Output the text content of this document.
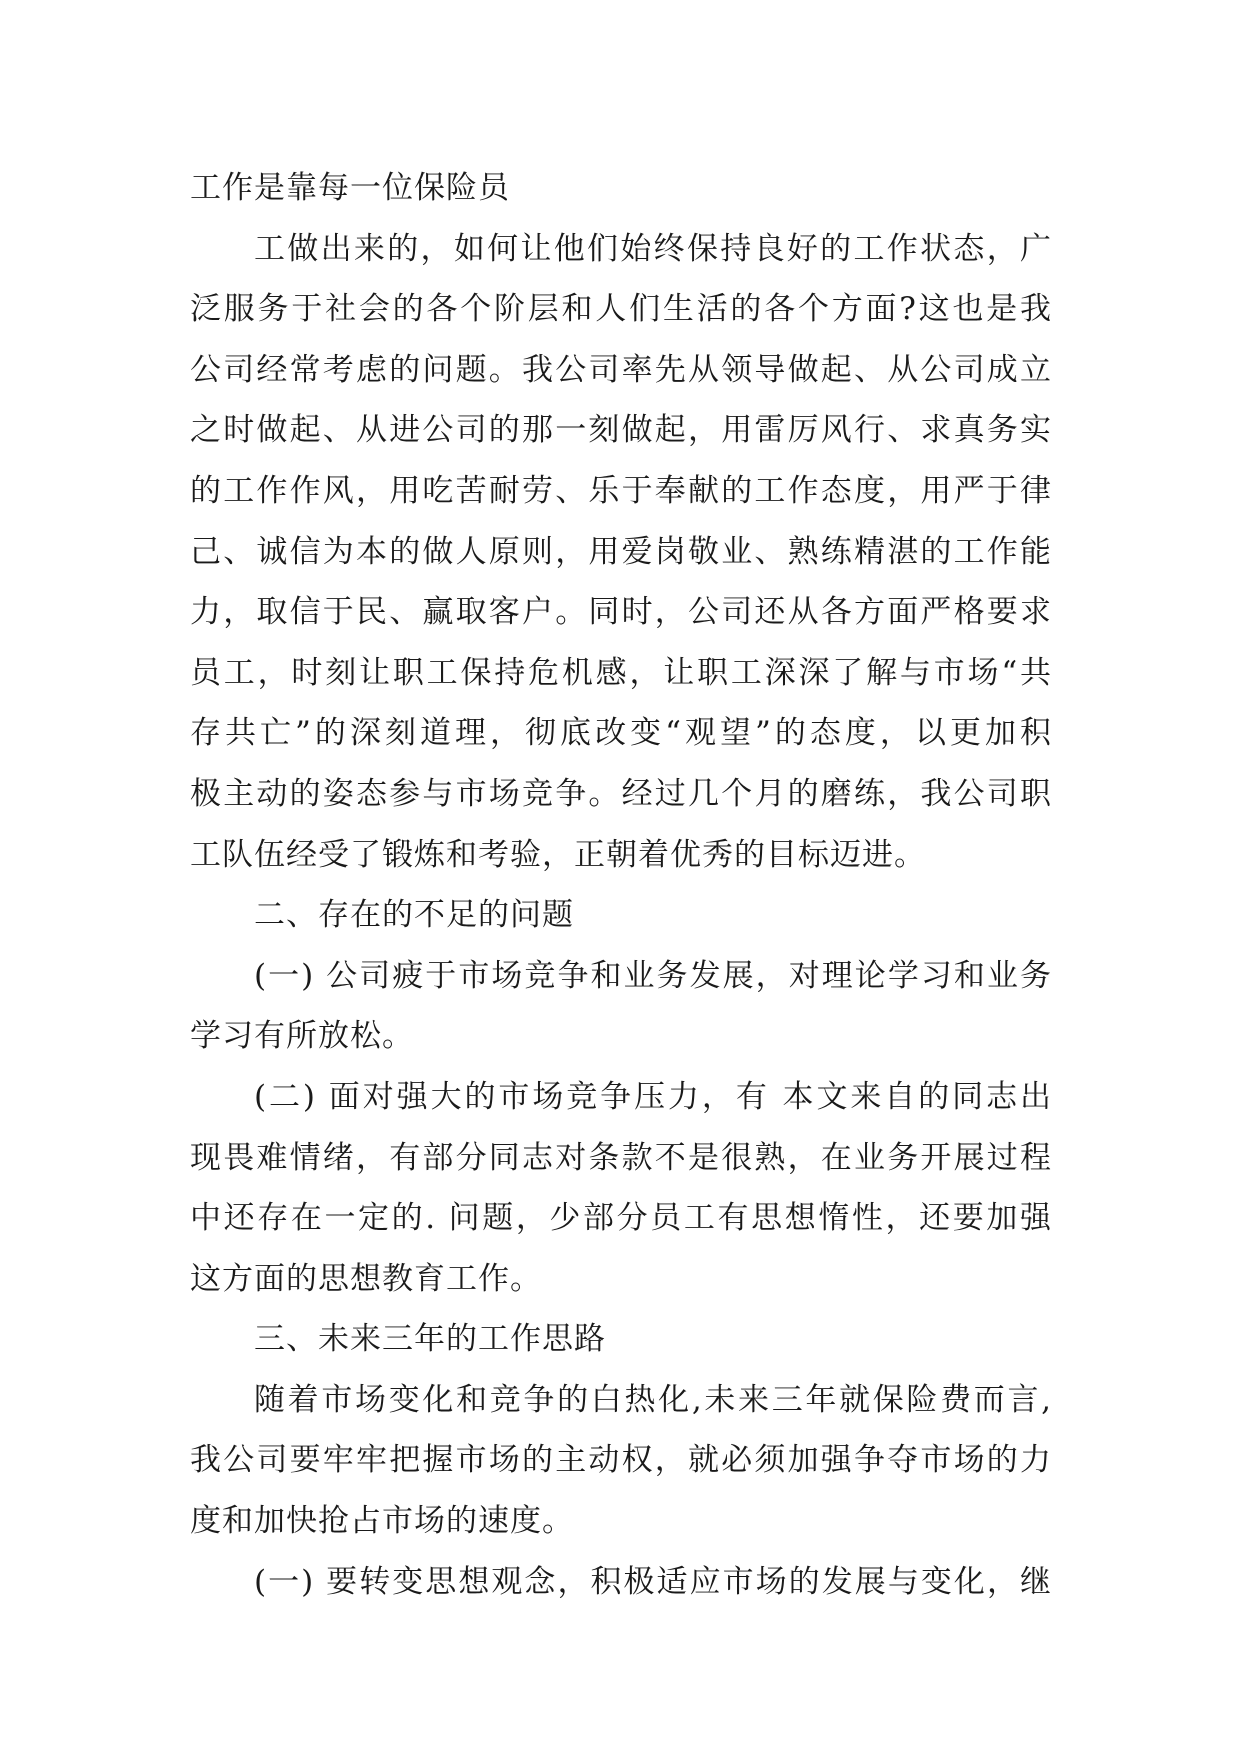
工作是靠每一位保险员
工做出来的，如何让他们始终保持良好的工作状态，广
泛服务于社会的各个阶层和人们生活的各个方面?这也是我
公司经常考虑的问题。我公司率先从领导做起、从公司成立
之时做起、从进公司的那一刻做起，用雷厉风行、求真务实
的工作作风，用吃苦耐劳、乐于奉献的工作态度，用严于律
己、诚信为本的做人原则，用爱岗敬业、熟练精湛的工作能
力，取信于民、赢取客户。同时，公司还从各方面严格要求
员工，时刻让职工保持危机感，让职工深深了解与市场“共
存共亡”的深刻道理，彻底改变“观望”的态度，以更加积
极主动的姿态参与市场竞争。经过几个月的磨练，我公司职
工队伍经受了锻炼和考验，正朝着优秀的目标迈进。
二、存在的不足的问题
(一) 公司疲于市场竞争和业务发展，对理论学习和业务
学习有所放松。
(二) 面对强大的市场竞争压力，有 本文来自的同志出
现畏难情绪，有部分同志对条款不是很熟，在业务开展过程
中还存在一定的. 问题，少部分员工有思想惰性，还要加强
这方面的思想教育工作。
三、未来三年的工作思路
随着市场变化和竞争的白热化,未来三年就保险费而言,
我公司要牢牢把握市场的主动权，就必须加强争夺市场的力
度和加快抢占市场的速度。
(一) 要转变思想观念，积极适应市场的发展与变化，继
